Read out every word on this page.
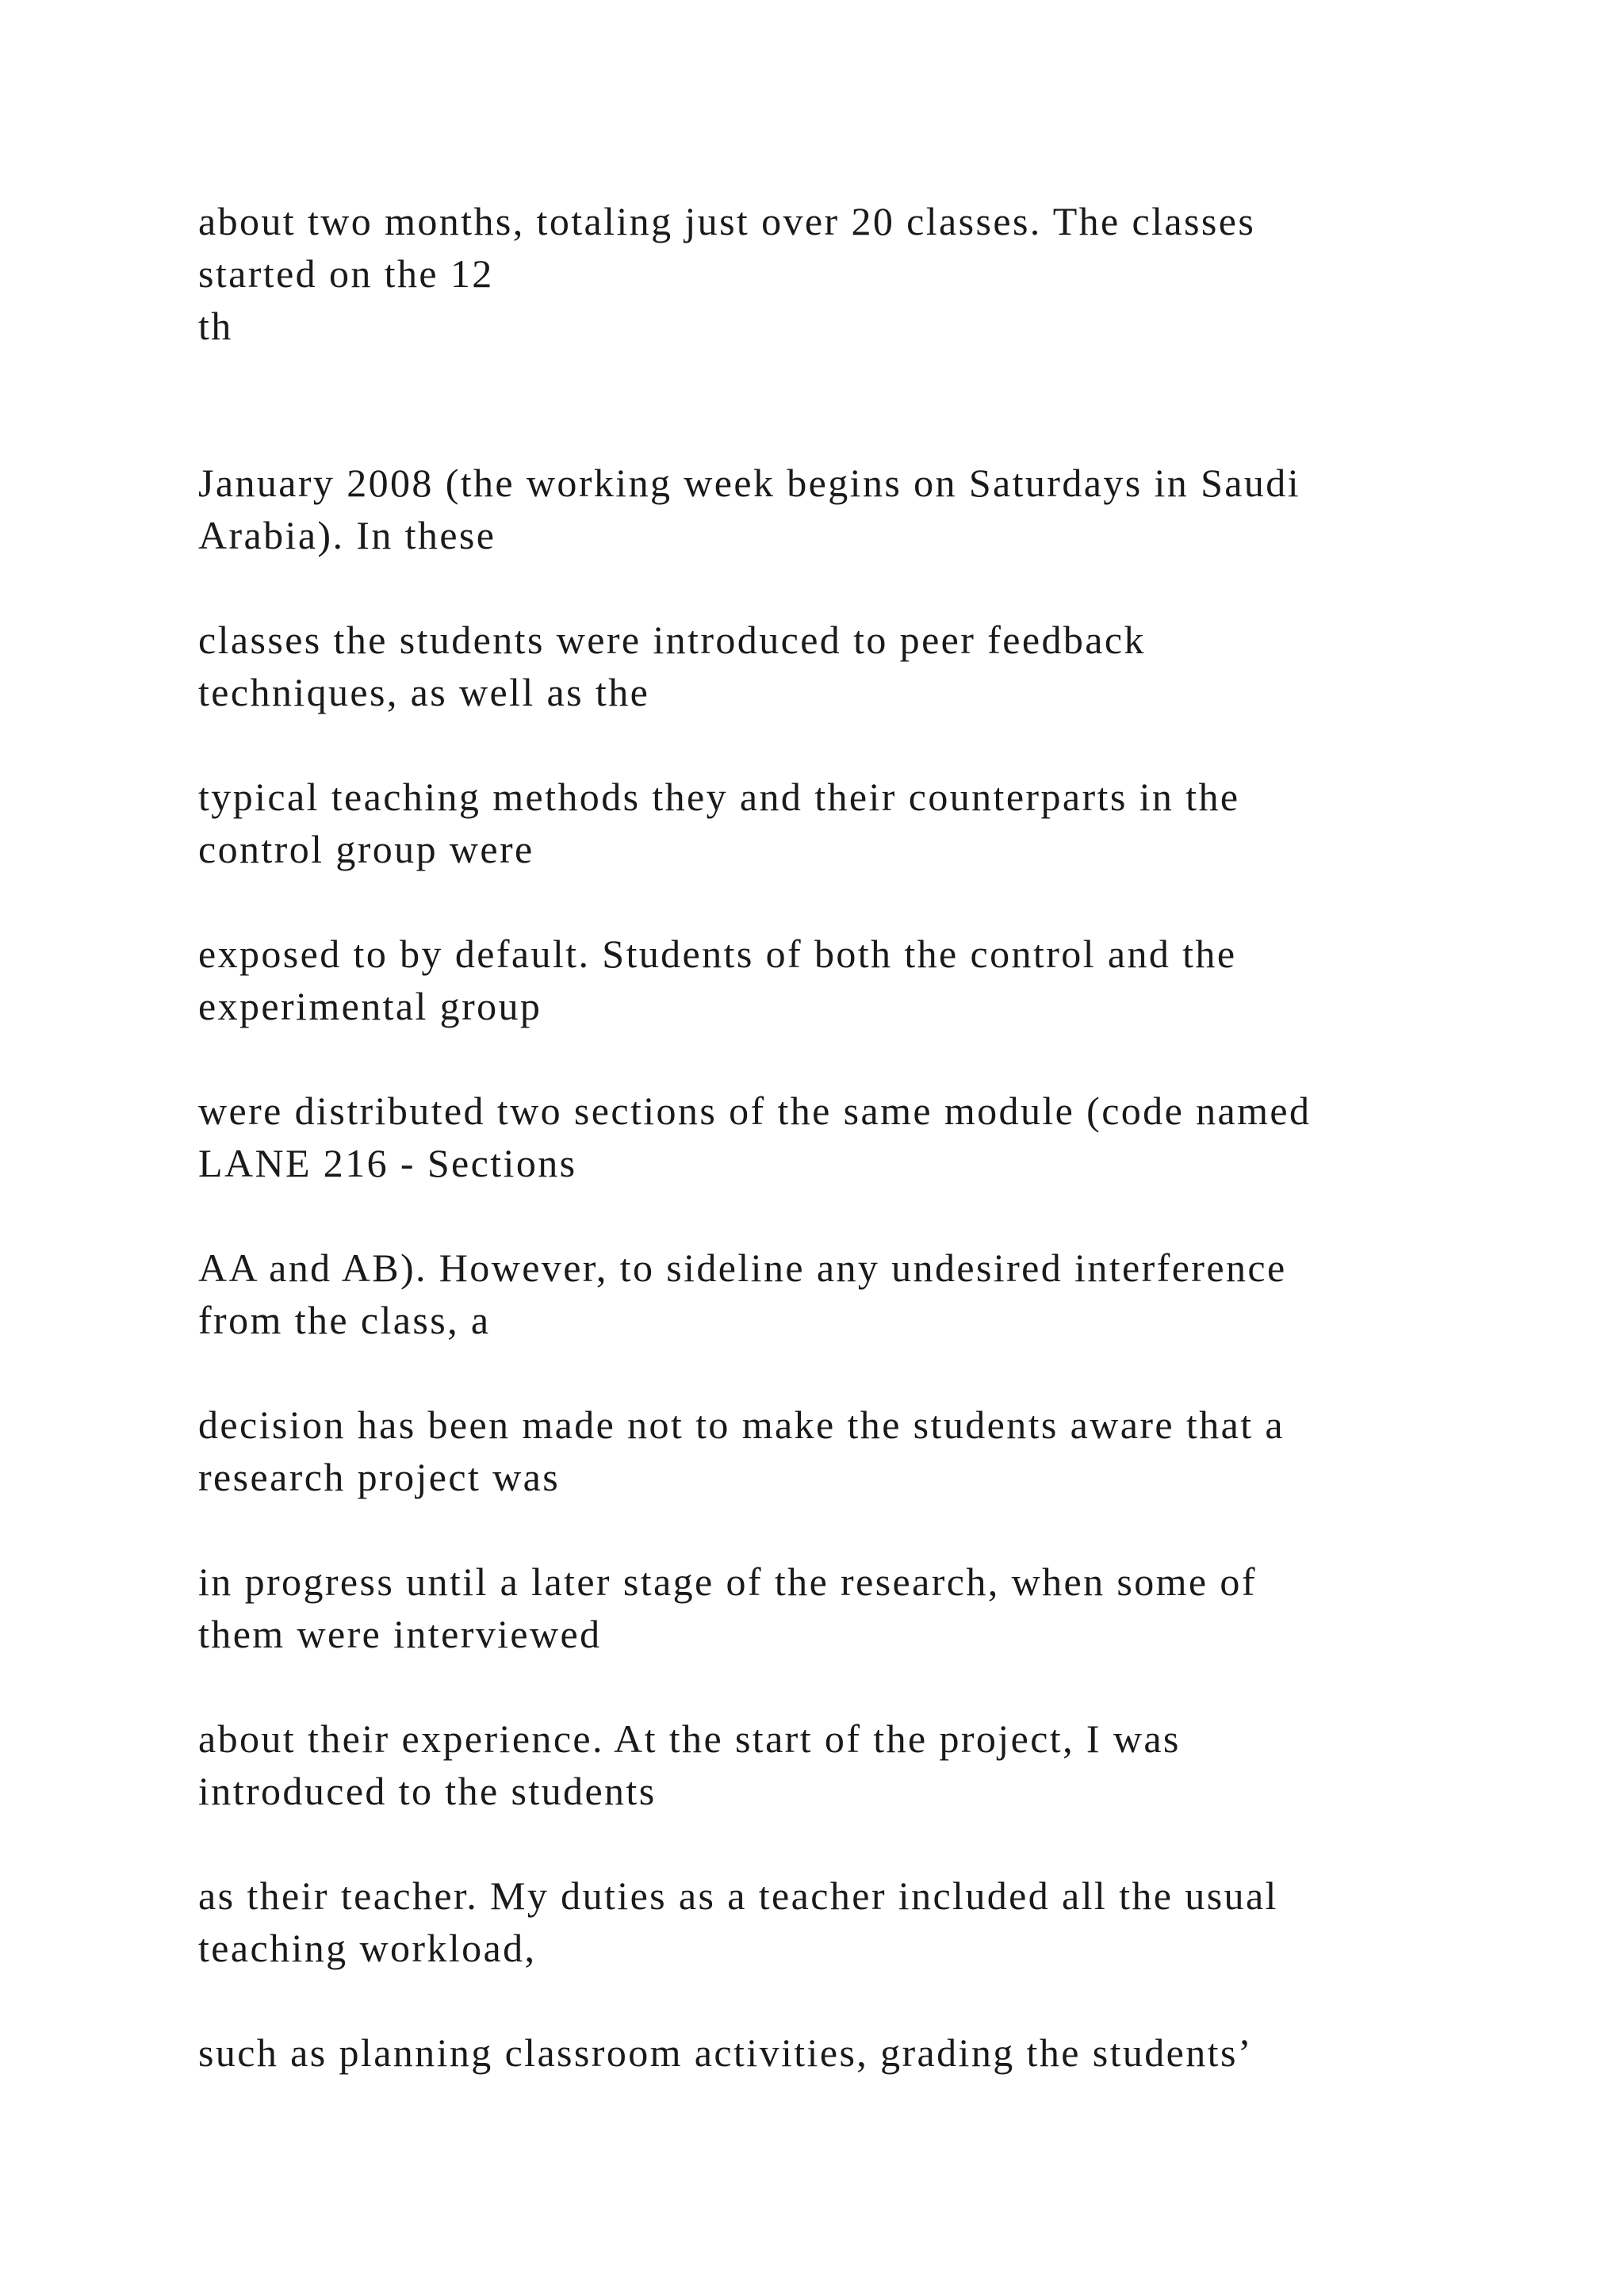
about two months, totaling just over 20 classes. The classes
started on the 12
th
January 2008 (the working week begins on Saturdays in Saudi
Arabia). In these
classes the students were introduced to peer feedback
techniques, as well as the
typical teaching methods they and their counterparts in the
control group were
exposed to by default. Students of both the control and the
experimental group
were distributed two sections of the same module (code named
LANE 216 - Sections
AA and AB). However, to sideline any undesired interference
from the class, a
decision has been made not to make the students aware that a
research project was
in progress until a later stage of the research, when some of
them were interviewed
about their experience. At the start of the project, I was
introduced to the students
as their teacher. My duties as a teacher included all the usual
teaching workload,
such as planning classroom activities, grading the students’
